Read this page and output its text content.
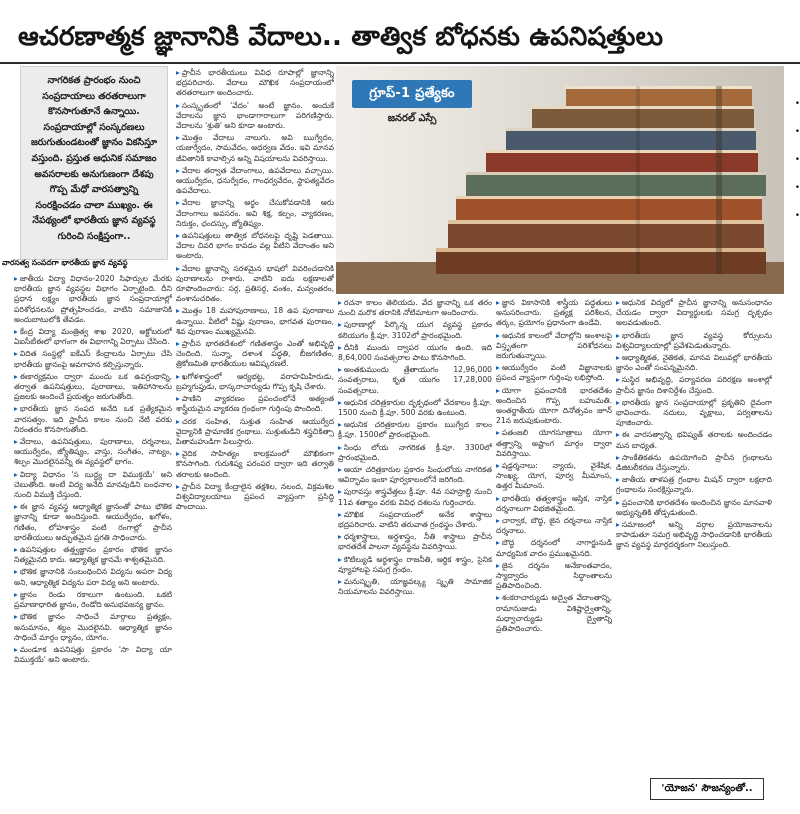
ఆచరణాత్మక జ్ఞానానికి వేదాలు.. తాత్విక బోధనకు ఉపనిషత్తులు
నాగరికత ప్రారంభం నుంచి సంప్రదాయాలు తరతరాలుగా కొనసాగుతూనే ఉన్నాయి. సంప్రదాయాల్లో సంస్కరణలు జరుగుతుండటంతో జ్ఞానం వికసిస్తూ వస్తుంది. ప్రస్తుత ఆధునిక సమాజం అవసరాలకు అనుగుణంగా దేశపు గొప్ప మేధో వారసత్వాన్ని సంరక్షించడం చాలా ముఖ్యం. ఈ నేపథ్యంలో భారతీయ జ్ఞాన వ్యవస్థ గురించి సంక్షిప్తంగా..
వారసత్వ సంపదగా భారతీయ జ్ఞాన వ్యవస్థ

▸ జాతీయ విద్యా విధానం-2020 సిఫార్సుల మేరకు భారతీయ జ్ఞాన వ్యవస్థల విభాగం ఏర్పాటైంది. దీని ప్రధాన లక్ష్యం భారతీయ జ్ఞాన సంప్రదాయాల్లో పరిశోధనలను ప్రోత్సహించడం, వాటిని సమాజానికి అందుబాటులోకి తేవడం.

▸ కేంద్ర విద్యా మంత్రిత్వ శాఖ 2020, అక్టోబరులో ఏఐసీటీఈలో భాగంగా ఈ విభాగాన్ని ఏర్పాటు చేసింది.

▸ విదిత సంస్థల్లో ఐకేఎస్ కేంద్రాలను ఏర్పాటు చేసి భారతీయ జ్ఞానంపై అవగాహన కల్పిస్తున్నారు.

▸ ఈకార్యక్రమం ద్వారా ముందు ఒక ఉపగ్రంథాన్ని, తర్వాత ఉపనిషత్తులు, పురాణాలు, ఇతిహాసాలను ప్రజలకు అందించే ప్రయత్నం జరుగుతోంది.

▸ భారతీయ జ్ఞాన సంపద అనేది ఒక ప్రత్యేకమైన వారసత్వం. ఇది ప్రాచీన కాలం నుంచి నేటి వరకు నిరంతరం కొనసాగుతోంది.

▸ వేదాలు, ఉపనిషత్తులు, పురాణాలు, దర్శనాలు, ఆయుర్వేదం, జ్యోతిష్యం, వాస్తు, సంగీతం, నాట్యం, శిల్పం మొదలైనవన్నీ ఈ వ్యవస్థలో భాగం.

▸ విద్యా విధానం 'స బుద్ధ్య దా విముక్తయే' అని చెబుతోంది. అంటే విద్య అనేది మానవుడిని బంధనాల నుంచి విముక్తి చేస్తుంది.

▸ ఈ జ్ఞాన వ్యవస్థ ఆధ్యాత్మిక జ్ఞానంతో పాటు భౌతిక జ్ఞానాన్ని కూడా అందిస్తుంది. ఆయుర్వేదం, ఖగోళం, గణితం, లోహశాస్త్రం వంటి రంగాల్లో ప్రాచీన భారతీయులు అద్భుతమైన ప్రగతి సాధించారు.

▸ ఉపనిషత్తుల తత్త్వజ్ఞానం ప్రకారం భౌతిక జ్ఞానం నిత్యమైనది కాదు. ఆధ్యాత్మిక జ్ఞానమే శాశ్వతమైనది.

▸ భౌతిక జ్ఞానానికి సంబంధించిన విద్యను అపరా విద్య అని, ఆధ్యాత్మిక విద్యను పరా విద్య అని అంటారు.

▸ జ్ఞానం రెండు రకాలుగా ఉంటుంది. ఒకటి ప్రమాణాధారిత జ్ఞానం, రెండోది అనుభవజన్య జ్ఞానం.

▸ భౌతిక జ్ఞానం సాధించే మార్గాలు ప్రత్యక్షం, అనుమానం, శబ్దం మొదలైనవి. ఆధ్యాత్మిక జ్ఞానం సాధించే మార్గం ధ్యానం, యోగం.

▸ మండూక ఉపనిషత్తు ప్రకారం 'సా విద్యా యా విముక్తయే' అని అంటారు.

▸ ప్రాచీన భారతీయులు వివిధ రూపాల్లో జ్ఞానాన్ని భద్రపరిచారు. వేదాలు మౌఖిక సంప్రదాయంలో తరతరాలుగా అందించారు.

▸ సంస్కృతంలో 'వేదం' అంటే జ్ఞానం. అందుకే వేదాలను జ్ఞాన భాండాగారాలుగా పరిగణిస్తారు. వేదాలను 'శ్రుతి' అని కూడా అంటారు.

▸ మొత్తం వేదాలు నాలుగు. అవి ఋగ్వేదం, యజుర్వేదం, సామవేదం, అధర్వణ వేదం. ఇవి మానవ జీవితానికి కావాల్సిన అన్ని విషయాలను వివరిస్తాయి.

▸ వేదాల తర్వాత వేదాంగాలు, ఉపవేదాలు వచ్చాయి. ఆయుర్వేదం, ధనుర్వేదం, గాంధర్వవేదం, స్థాపత్యవేదం ఉపవేదాలు.

▸ వేదాల జ్ఞానాన్ని అర్థం చేసుకోవడానికి ఆరు వేదాంగాలు అవసరం. అవి శిక్ష, కల్పం, వ్యాకరణం, నిరుక్తం, ఛందస్సు, జ్యోతిష్యం.

▸ ఉపనిషత్తులు తాత్విక బోధనలపై దృష్టి పెడతాయి. వేదాల చివరి భాగం కావడం వల్ల వీటిని వేదాంతం అని అంటారు.

▸ వేదాల జ్ఞానాన్ని సరళమైన భాషలో వివరించడానికి పురాణాలను రాశారు. వాటిని ఐదు లక్షణాలతో రూపొందించారు: సర్గ, ప్రతిసర్గ, వంశం, మన్వంతరం, వంశానుచరితం.

▸ మొత్తం 18 మహాపురాణాలు, 18 ఉప పురాణాలు ఉన్నాయి. వీటిలో విష్ణు పురాణం, భాగవత పురాణం, శివ పురాణం ముఖ్యమైనవి.

▸ ప్రాచీన భారతదేశంలో గణితశాస్త్రం ఎంతో అభివృద్ధి చెందింది. సున్నా, దశాంశ పద్ధతి, బీజగణితం, త్రికోణమితి భారతీయుల ఆవిష్కరణలే.

▸ ఖగోళశాస్త్రంలో ఆర్యభట్ట, వరాహమిహిరుడు, బ్రహ్మగుప్తుడు, భాస్కరాచార్యుడు గొప్ప కృషి చేశారు.

▸ పాణిని వ్యాకరణం ప్రపంచంలోనే అత్యంత శాస్త్రీయమైన వ్యాకరణ గ్రంథంగా గుర్తింపు పొందింది.

▸ చరక సంహిత, సుశ్రుత సంహిత ఆయుర్వేద వైద్యానికి ప్రామాణిక గ్రంథాలు. సుశ్రుతుడిని శస్త్రచికిత్సా పితామహుడిగా పిలుస్తారు.

▸ వైదిక సాహిత్యం కాలక్రమంలో మౌఖికంగా కొనసాగింది. గురుశిష్య పరంపర ద్వారా ఇది తర్వాతి తరాలకు అందింది.

▸ ప్రాచీన విద్యా కేంద్రాలైన తక్షశిల, నలంద, విక్రమశిల విశ్వవిద్యాలయాలు ప్రపంచ వ్యాప్తంగా ప్రసిద్ధి పొందాయి.

గ్రూప్-1 ప్రత్యేకం
జనరల్ ఎస్సే

▸ రచనా కాలం తెలియదు. వేద జ్ఞానాన్ని ఒక తరం నుంచి మరొక తరానికి నోటిమాటగా అందించారు.

▸ పురాణాల్లో పేర్కొన్న యుగ వ్యవస్థ ప్రకారం కలియుగం క్రీ.పూ. 3102లో ప్రారంభమైంది.

▸ దీనికి ముందు ద్వాపర యుగం ఉంది. ఇది 8,64,000 సంవత్సరాల పాటు కొనసాగింది.

▸ అంతకుముందు త్రేతాయుగం 12,96,000 సంవత్సరాలు, కృత యుగం 17,28,000 సంవత్సరాలు.

▸ ఆధునిక చరిత్రకారుల దృక్పథంలో వేదకాలం క్రీ.పూ. 1500 నుంచి క్రీ.పూ. 500 వరకు ఉంటుంది.

▸ ఆధునిక చరిత్రకారుల ప్రకారం ఋగ్వేద కాలం క్రీ.పూ. 1500లో ప్రారంభమైంది.

▸ సింధు లోయ నాగరికత క్రీ.పూ. 3300లో ప్రారంభమైంది.

▸ ఆయా చరిత్రకారుల ప్రకారం సింధులోయ నాగరికత ఆవిర్భావం ఇంకా పూర్వకాలంలోనే జరిగింది.

▸ పురావస్తు శాస్త్రవేత్తలు క్రీ.పూ. 4వ సహస్రాబ్ది నుంచి 11వ శతాబ్దం వరకు వివిధ దశలను గుర్తించారు.

▸ మౌఖిక సంప్రదాయంలో అనేక శాస్త్రాలు భద్రపరిచారు. వాటిని తరువాత గ్రంథస్థం చేశారు.

▸ ధర్మశాస్త్రాలు, అర్థశాస్త్రం, నీతి శాస్త్రాలు ప్రాచీన భారతదేశ పాలనా వ్యవస్థను వివరిస్తాయి.

▸ కౌటిల్యుడి అర్థశాస్త్రం రాజనీతి, ఆర్థిక శాస్త్రం, సైనిక వ్యూహాలపై సమగ్ర గ్రంథం.

▸ మనుస్మృతి, యాజ్ఞవల్క్య స్మృతి సామాజిక నియమాలను వివరిస్తాయి.

▸ జ్ఞాన వికాసానికి శాస్త్రీయ పద్ధతులు అనుసరించారు. ప్రత్యక్ష పరిశీలన, తర్కం, ప్రయోగం ప్రధానంగా ఉండేవి.

▸ ఆధునిక కాలంలో వేదాల్లోని అంశాలపై విస్తృతంగా పరిశోధనలు జరుగుతున్నాయి.

▸ ఆయుర్వేదం వంటి విజ్ఞానాలకు ప్రపంచ వ్యాప్తంగా గుర్తింపు లభిస్తోంది.

▸ యోగా ప్రపంచానికి భారతదేశం అందించిన గొప్ప బహుమతి. అంతర్జాతీయ యోగా దినోత్సవం జూన్ 21న జరుపుకుంటారు.

▸ పతంజలి యోగసూత్రాలు యోగా తత్త్వాన్ని అష్టాంగ మార్గం ద్వారా వివరిస్తాయి.

▸ షడ్దర్శనాలు: న్యాయ, వైశేషిక, సాంఖ్య, యోగ, పూర్వ మీమాంస, ఉత్తర మీమాంస.

▸ భారతీయ తత్వశాస్త్రం ఆస్తిక, నాస్తిక దర్శనాలుగా విభజితమైంది.

▸ చార్వాక, బౌద్ధ, జైన దర్శనాలు నాస్తిక దర్శనాలు.

▸ బౌద్ధ దర్శనంలో నాగార్జునుడి మాధ్యమిక వాదం ప్రముఖమైనది.

▸ జైన దర్శనం అనేకాంతవాదం, స్యాద్వాదం సిద్ధాంతాలను ప్రతిపాదించింది.

▸ శంకరాచార్యుడు అద్వైత వేదాంతాన్ని, రామానుజుడు విశిష్టాద్వైతాన్ని, మధ్వాచార్యుడు ద్వైతాన్ని ప్రతిపాదించారు.

▸ ఆధునిక విద్యలో ప్రాచీన జ్ఞానాన్ని అనుసంధానం చేయడం ద్వారా విద్యార్థులకు సమగ్ర దృక్పథం అలవడుతుంది.

▸ భారతీయ జ్ఞాన వ్యవస్థ కోర్సులను విశ్వవిద్యాలయాల్లో ప్రవేశపెడుతున్నారు.

▸ ఆధ్యాత్మికత, నైతికత, మానవ విలువల్లో భారతీయ జ్ఞానం ఎంతో సంపన్నమైనది.

▸ సుస్థిర అభివృద్ధి, పర్యావరణ పరిరక్షణ అంశాల్లో ప్రాచీన జ్ఞానం దిశానిర్దేశం చేస్తుంది.

▸ భారతీయ జ్ఞాన సంప్రదాయాల్లో ప్రకృతిని దైవంగా భావించారు. నదులు, వృక్షాలు, పర్వతాలను పూజించారు.

▸ ఈ వారసత్వాన్ని భవిష్యత్ తరాలకు అందించడం మన బాధ్యత.

▸ సాంకేతికతను ఉపయోగించి ప్రాచీన గ్రంథాలను డిజిటలీకరణ చేస్తున్నారు.

▸ జాతీయ తాళపత్ర గ్రంథాల మిషన్ ద్వారా లక్షలాది గ్రంథాలను సంరక్షిస్తున్నారు.

▸ ప్రపంచానికి భారతదేశం అందించిన జ్ఞానం మానవాళి అభ్యున్నతికి తోడ్పడుతుంది.

▸ సమాజంలో అన్ని వర్గాల ప్రయోజనాలను కాపాడుతూ సమగ్ర అభివృద్ధి సాధించడానికి భారతీయ జ్ఞాన వ్యవస్థ మార్గదర్శకంగా నిలుస్తుంది.

'యోజన' సౌజన్యంతో..
•
•
•
•
•
